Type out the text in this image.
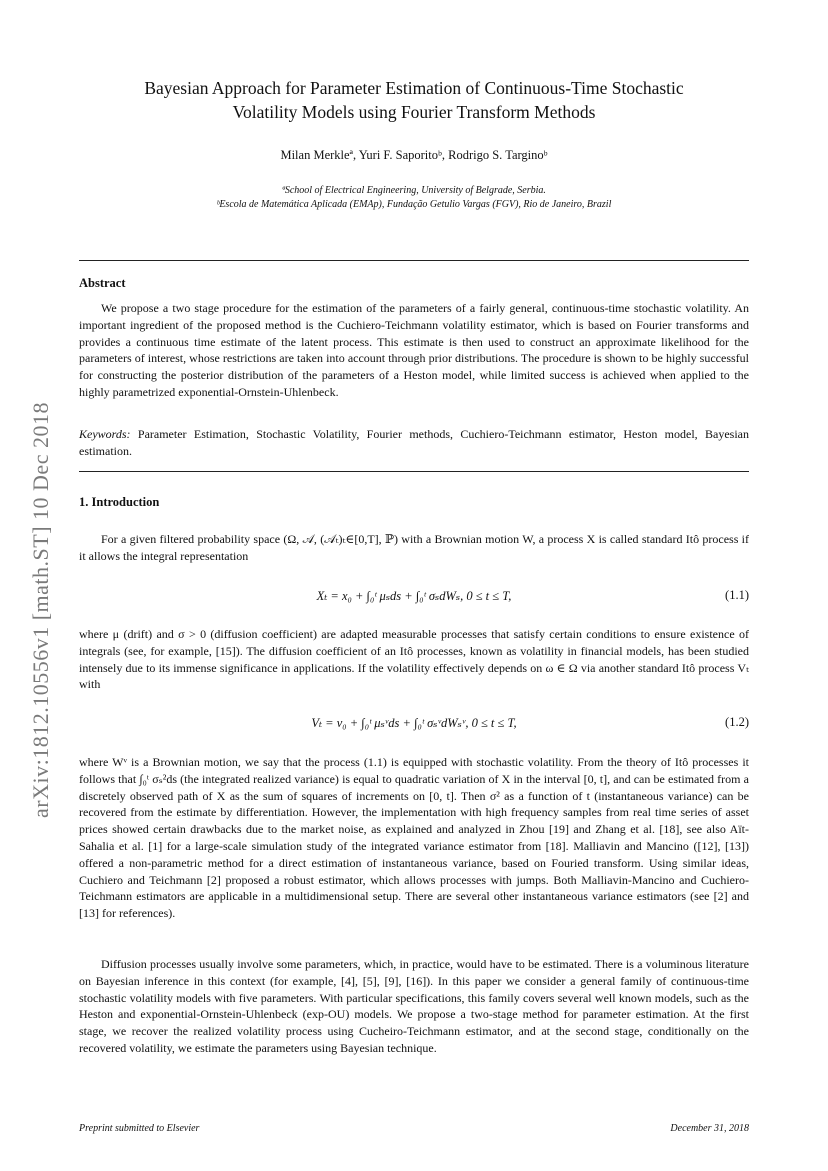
arXiv:1812.10556v1 [math.ST] 10 Dec 2018
Bayesian Approach for Parameter Estimation of Continuous-Time Stochastic
Volatility Models using Fourier Transform Methods
Milan Merkleª, Yuri F. Saporitoᵇ, Rodrigo S. Targinoᵇ
ªSchool of Electrical Engineering, University of Belgrade, Serbia.
ᵇEscola de Matemática Aplicada (EMAp), Fundação Getulio Vargas (FGV), Rio de Janeiro, Brazil
Abstract
We propose a two stage procedure for the estimation of the parameters of a fairly general, continuous-time stochastic volatility. An important ingredient of the proposed method is the Cuchiero-Teichmann volatility estimator, which is based on Fourier transforms and provides a continuous time estimate of the latent process. This estimate is then used to construct an approximate likelihood for the parameters of interest, whose restrictions are taken into account through prior distributions. The procedure is shown to be highly successful for constructing the posterior distribution of the parameters of a Heston model, while limited success is achieved when applied to the highly parametrized exponential-Ornstein-Uhlenbeck.
Keywords: Parameter Estimation, Stochastic Volatility, Fourier methods, Cuchiero-Teichmann estimator, Heston model, Bayesian estimation.
1. Introduction
For a given filtered probability space (Ω, 𝒜, (𝒜ₜ)ₜ∈[0,T], ℙ) with a Brownian motion W, a process X is called standard Itô process if it allows the integral representation
Xₜ = x₀ + ∫₀ᵗ μₛds + ∫₀ᵗ σₛdWₛ, 0 ≤ t ≤ T,	(1.1)
where μ (drift) and σ > 0 (diffusion coefficient) are adapted measurable processes that satisfy certain conditions to ensure existence of integrals (see, for example, [15]). The diffusion coefficient of an Itô processes, known as volatility in financial models, has been studied intensely due to its immense significance in applications. If the volatility effectively depends on ω ∈ Ω via another standard Itô process Vₜ with
Vₜ = v₀ + ∫₀ᵗ μₛᵛds + ∫₀ᵗ σₛᵛdWₛᵛ, 0 ≤ t ≤ T,	(1.2)
where Wᵛ is a Brownian motion, we say that the process (1.1) is equipped with stochastic volatility. From the theory of Itô processes it follows that ∫₀ᵗ σₛ²ds (the integrated realized variance) is equal to quadratic variation of X in the interval [0, t], and can be estimated from a discretely observed path of X as the sum of squares of increments on [0, t]. Then σ² as a function of t (instantaneous variance) can be recovered from the estimate by differentiation. However, the implementation with high frequency samples from real time series of asset prices showed certain drawbacks due to the market noise, as explained and analyzed in Zhou [19] and Zhang et al. [18], see also Aït-Sahalia et al. [1] for a large-scale simulation study of the integrated variance estimator from [18]. Malliavin and Mancino ([12], [13]) offered a non-parametric method for a direct estimation of instantaneous variance, based on Fouried transform. Using similar ideas, Cuchiero and Teichmann [2] proposed a robust estimator, which allows processes with jumps. Both Malliavin-Mancino and Cuchiero-Teichmann estimators are applicable in a multidimensional setup. There are several other instantaneous variance estimators (see [2] and [13] for references).
Diffusion processes usually involve some parameters, which, in practice, would have to be estimated. There is a voluminous literature on Bayesian inference in this context (for example, [4], [5], [9], [16]). In this paper we consider a general family of continuous-time stochastic volatility models with five parameters. With particular specifications, this family covers several well known models, such as the Heston and exponential-Ornstein-Uhlenbeck (exp-OU) models. We propose a two-stage method for parameter estimation. At the first stage, we recover the realized volatility process using Cucheiro-Teichmann estimator, and at the second stage, conditionally on the recovered volatility, we estimate the parameters using Bayesian technique.
Preprint submitted to Elsevier	December 31, 2018
